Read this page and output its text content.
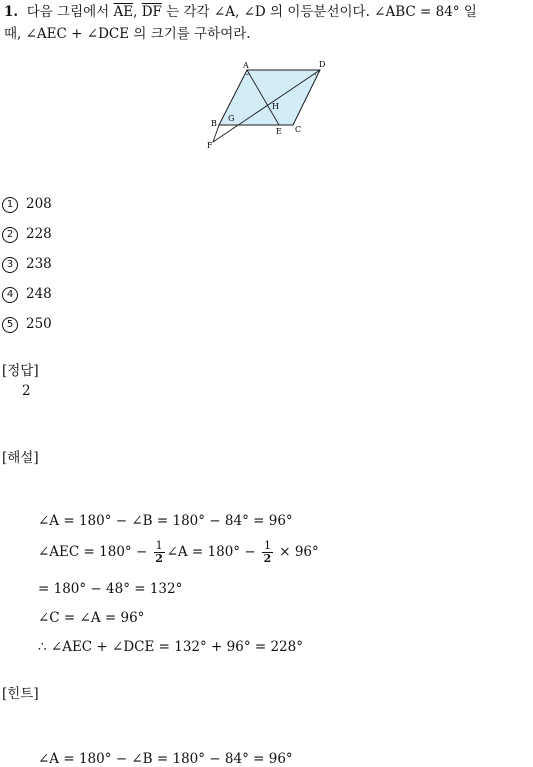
1. 다음 그림에서 $\overline{AE}$, $\overline{DF}$ 는 각각 ∠A, ∠D 의 이등분선이다. ∠ABC = 84° 일
때, ∠AEC + ∠DCE 의 크기를 구하여라.
A	D
B
G
H
E C
F
1 208
2 228
3 238
4 248
5 250
[정답]
2
[해설]
∠A = 180° − ∠B = 180° − 84° = 96°
∠AEC = $180^\circ - \frac{1}{2}$ ∠A = $180^\circ - \frac{1}{2} \times 96^\circ$
= 180° − 48° = 132°
∠C = ∠A = 96°
∴ ∠AEC + ∠DCE = 132° + 96° = 228°
[힌트]
∠A = 180° − ∠B = 180° − 84° = 96°
